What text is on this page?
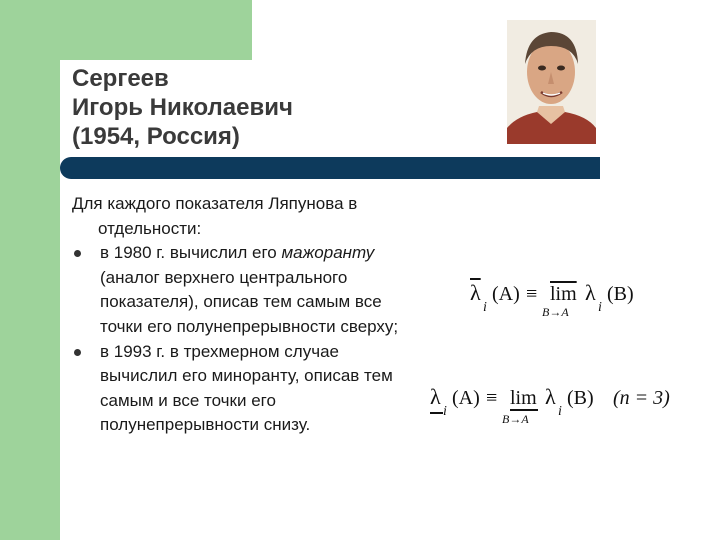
Сергеев
Игорь Николаевич
(1954, Россия)

Для каждого показателя Ляпунова в отдельности:

в 1980 г. вычислил его мажоранту (аналог верхнего центрального показателя), описав тем самым все точки его полунепрерывности сверху;
в 1993 г. в трехмерном случае вычислил его миноранту, описав тем самым и все точки его полунепрерывности снизу.
$\overline{\lambda}$
i
$(A) \equiv \overline{lim}$
B→A
λ
i
(B)
λ
i
(A) ≡ lim
B→A
λ
i
(B) (n = 3)
